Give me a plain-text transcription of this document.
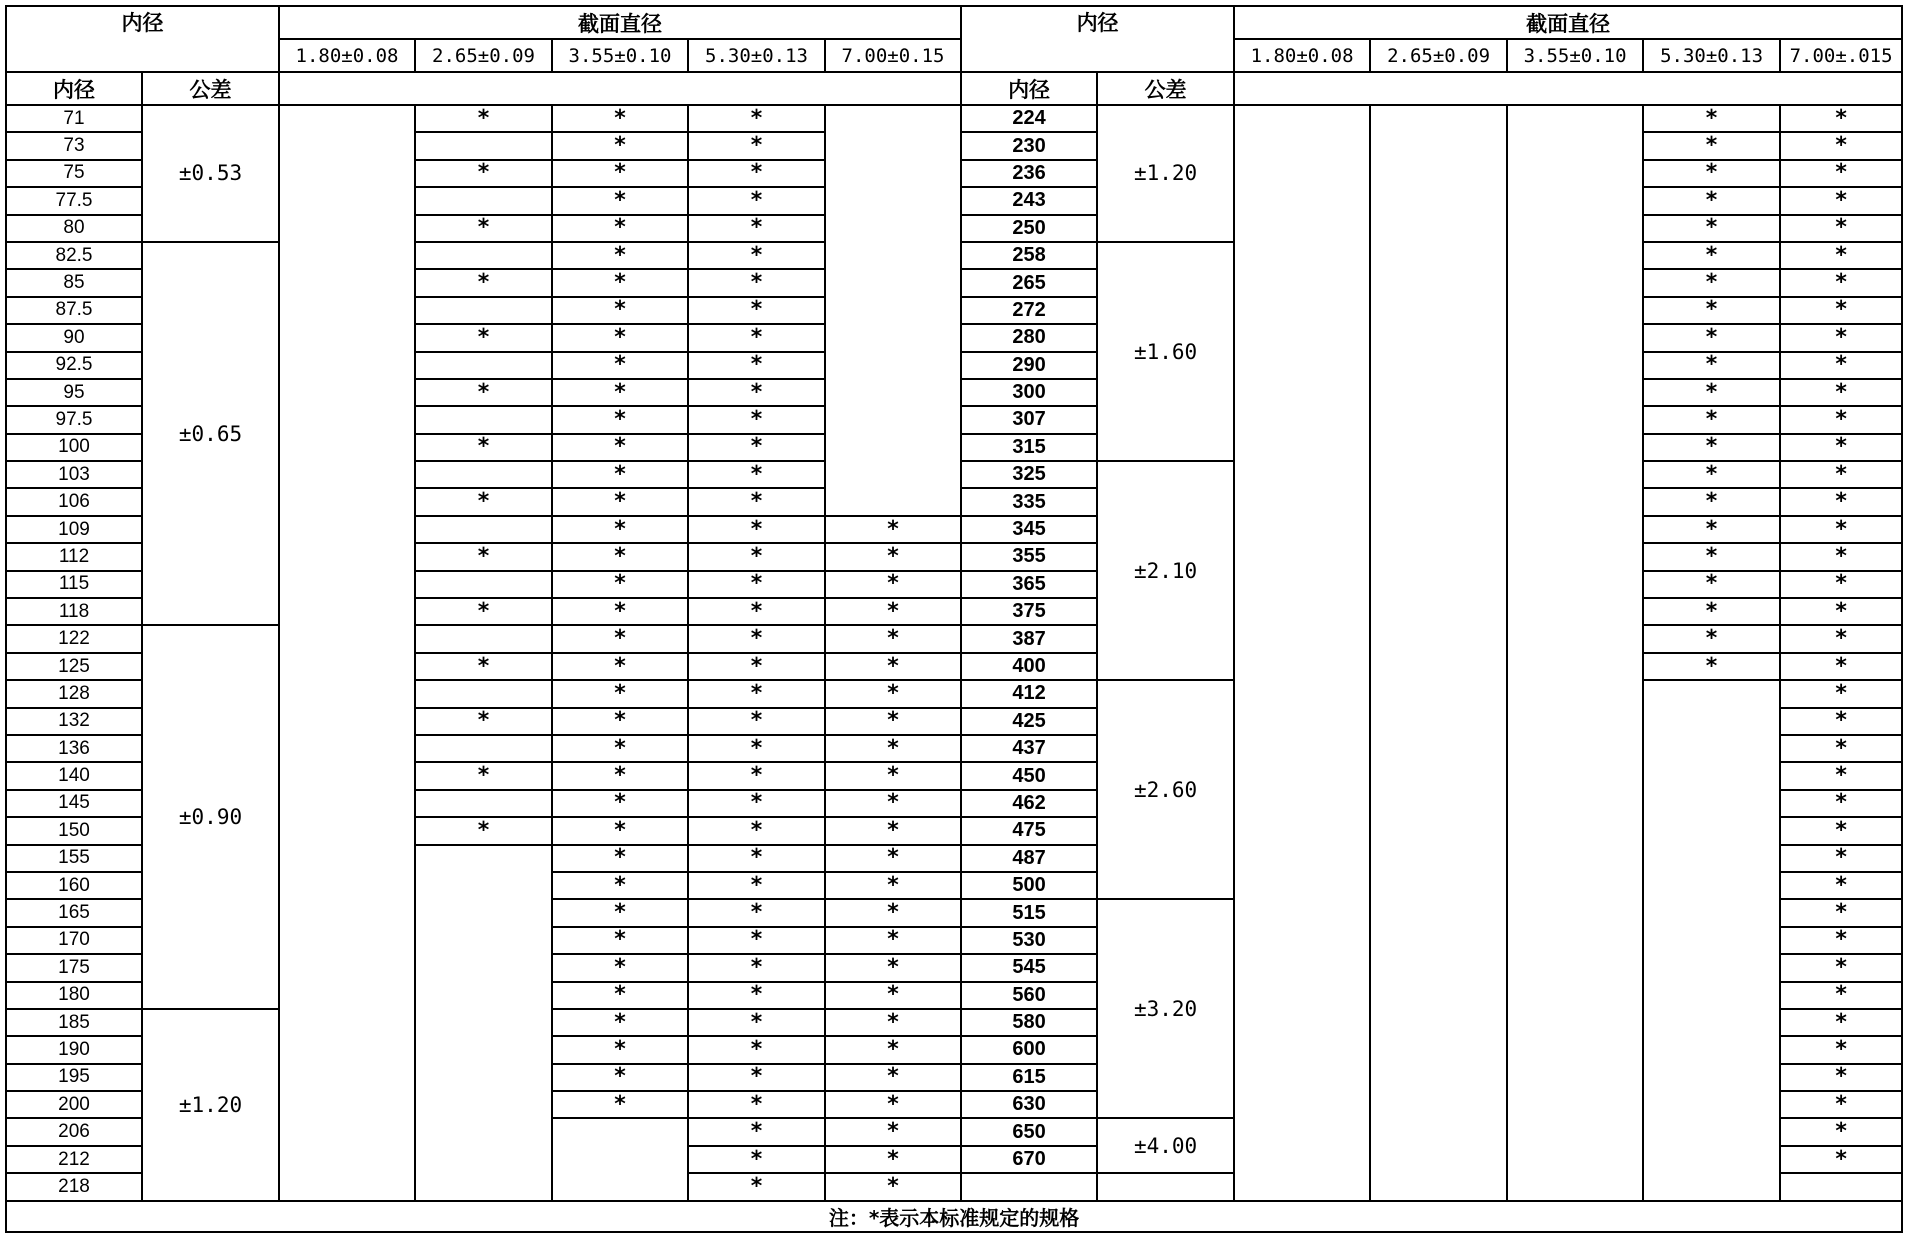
内径		截面直径					内径		截面直径				
		1.80±0.08	2.65±0.09	3.55±0.10	5.30±0.13	7.00±0.15			1.80±0.08	2.65±0.09	3.55±0.10	5.30±0.13	7.00±.015
内径	公差						内径	公差					
71	±0.53		*	*	*		224	±1.20				*	*
73				*	*		230					*	*
75			*	*	*		236					*	*
77.5				*	*		243					*	*
80			*	*	*		250					*	*
82.5	±0.65			*	*		258	±1.60				*	*
85			*	*	*		265					*	*
87.5				*	*		272					*	*
90			*	*	*		280					*	*
92.5				*	*		290					*	*
95			*	*	*		300					*	*
97.5				*	*		307					*	*
100			*	*	*		315					*	*
103				*	*		325	±2.10				*	*
106			*	*	*		335					*	*
109				*	*	*	345					*	*
112			*	*	*	*	355					*	*
115				*	*	*	365					*	*
118			*	*	*	*	375					*	*
122	±0.90			*	*	*	387					*	*
125			*	*	*	*	400					*	*
128				*	*	*	412	±2.60					*
132			*	*	*	*	425						*
136				*	*	*	437						*
140			*	*	*	*	450						*
145				*	*	*	462						*
150			*	*	*	*	475						*
155				*	*	*	487						*
160				*	*	*	500						*
165				*	*	*	515	±3.20					*
170				*	*	*	530						*
175				*	*	*	545						*
180				*	*	*	560						*
185	±1.20			*	*	*	580						*
190				*	*	*	600						*
195				*	*	*	615						*
200				*	*	*	630						*
206					*	*	650	±4.00					*
212					*	*	670						*
218					*	*							
注：*表示本标准规定的规格													
